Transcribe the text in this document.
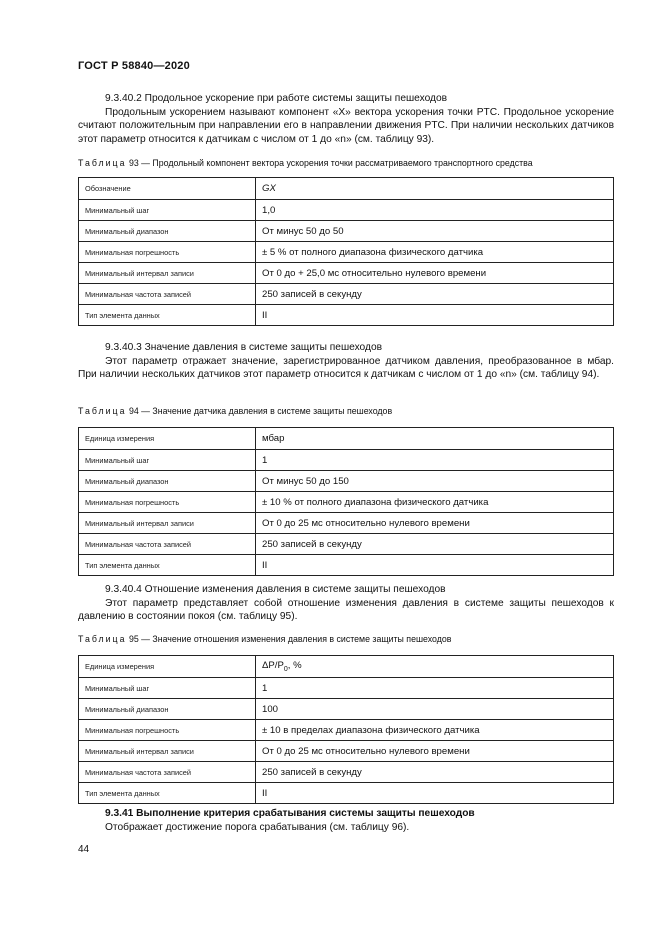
ГОСТ Р 58840—2020

9.3.40.2 Продольное ускорение при работе системы защиты пешеходов

Продольным ускорением называют компонент «X» вектора ускорения точки PTC. Продольное ускорение считают положительным при направлении его в направлении движения PTC. При наличии нескольких датчиков этот параметр относится к датчикам с числом от 1 до «n» (см. таблицу 93).

Таблица 93 — Продольный компонент вектора ускорения точки рассматриваемого транспортного средства
Обозначение	GX
Минимальный шаг	1,0
Минимальный диапазон	От минус 50 до 50
Минимальная погрешность	± 5 % от полного диапазона физического датчика
Минимальный интервал записи	От 0 до + 25,0 мс относительно нулевого времени
Минимальная частота записей	250 записей в секунду
Тип элемента данных	II

9.3.40.3 Значение давления в системе защиты пешеходов

Этот параметр отражает значение, зарегистрированное датчиком давления, преобразованное в мбар. При наличии нескольких датчиков этот параметр относится к датчикам с числом от 1 до «n» (см. таблицу 94).

Таблица 94 — Значение датчика давления в системе защиты пешеходов
Единица измерения	мбар
Минимальный шаг	1
Минимальный диапазон	От минус 50 до 150
Минимальная погрешность	± 10 % от полного диапазона физического датчика
Минимальный интервал записи	От 0 до 25 мс относительно нулевого времени
Минимальная частота записей	250 записей в секунду
Тип элемента данных	II

9.3.40.4 Отношение изменения давления в системе защиты пешеходов

Этот параметр представляет собой отношение изменения давления в системе защиты пешеходов к давлению в состоянии покоя (см. таблицу 95).

Таблица 95 — Значение отношения изменения давления в системе защиты пешеходов
Единица измерения	$\Delta P/P_0$, %
Минимальный шаг	1
Минимальный диапазон	100
Минимальная погрешность	± 10 в пределах диапазона физического датчика
Минимальный интервал записи	От 0 до 25 мс относительно нулевого времени
Минимальная частота записей	250 записей в секунду
Тип элемента данных	II

9.3.41 Выполнение критерия срабатывания системы защиты пешеходов

Отображает достижение порога срабатывания (см. таблицу 96).

44
